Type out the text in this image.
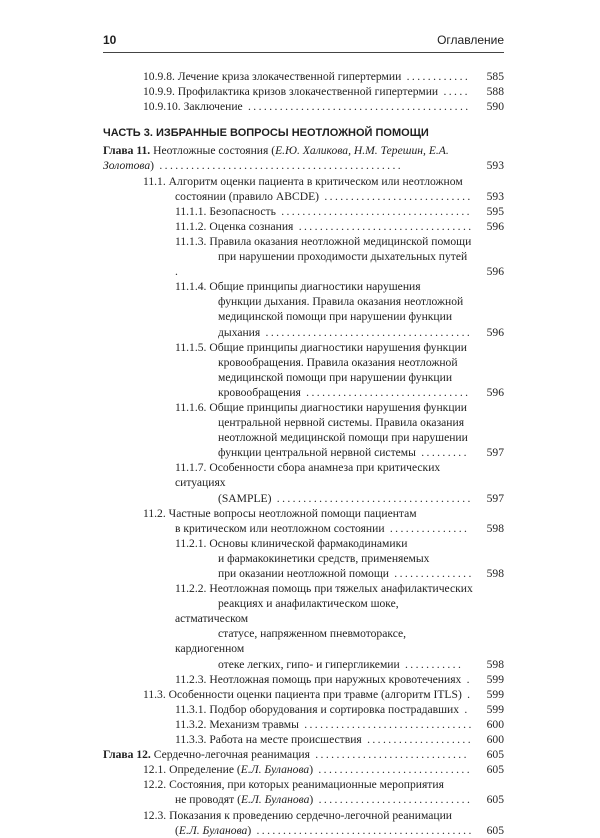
10	Оглавление
10.9.8. Лечение криза злокачественной гипертермии ............	585
10.9.9. Профилактика кризов злокачественной гипертермии .....	588
10.9.10. Заключение .......................................... 590
ЧАСТЬ 3. ИЗБРАННЫЕ ВОПРОСЫ НЕОТЛОЖНОЙ ПОМОЩИ
Глава 11. Неотложные состояния (Е.Ю. Халикова, Н.М. Терешин, Е.А. Золотова) ..............................................	593
11.1. Алгоритм оценки пациента в критическом или неотложном
состоянии (правило ABCDE) ............................ 593
11.1.1. Безопасность .................................... 595
11.1.2. Оценка сознания ................................. 596
11.1.3. Правила оказания неотложной медицинской помощи
при нарушении проходимости дыхательных путей .	596
11.1.4. Общие принципы диагностики нарушения
функции дыхания. Правила оказания неотложной
медицинской помощи при нарушении функции
дыхания ....................................... 596
11.1.5. Общие принципы диагностики нарушения функции
кровообращения. Правила оказания неотложной
медицинской помощи при нарушении функции
кровообращения ...............................	596
11.1.6. Общие принципы диагностики нарушения функции
центральной нервной системы. Правила оказания
неотложной медицинской помощи при нарушении
функции центральной нервной системы .........	597
11.1.7. Особенности сбора анамнеза при критических ситуациях
(SAMPLE) ..................................... 597
11.2. Частные вопросы неотложной помощи пациентам
в критическом или неотложном состоянии ...............	598
11.2.1. Основы клинической фармакодинамики
и фармакокинетики средств, применяемых
при оказании неотложной помощи ............... 598
11.2.2. Неотложная помощь при тяжелых анафилактических
реакциях и анафилактическом шоке, астматическом
статусе, напряженном пневмотораксе, кардиогенном
отеке легких, гипо- и гипергликемии ...........	598
11.2.3. Неотложная помощь при наружных кровотечениях . 599
11.3. Особенности оценки пациента при травме (алгоритм ITLS) . 599
11.3.1. Подбор оборудования и сортировка пострадавших .	599
11.3.2. Механизм травмы ................................ 600
11.3.3. Работа на месте происшествия .................... 600
Глава 12. Сердечно-легочная реанимация .............................	605
12.1. Определение (Е.Л. Буланова) ............................. 605
12.2. Состояния, при которых реанимационные мероприятия
не проводят (Е.Л. Буланова) ............................. 605
12.3. Показания к проведению сердечно-легочной реанимации
(Е.Л. Буланова) ......................................... 605
